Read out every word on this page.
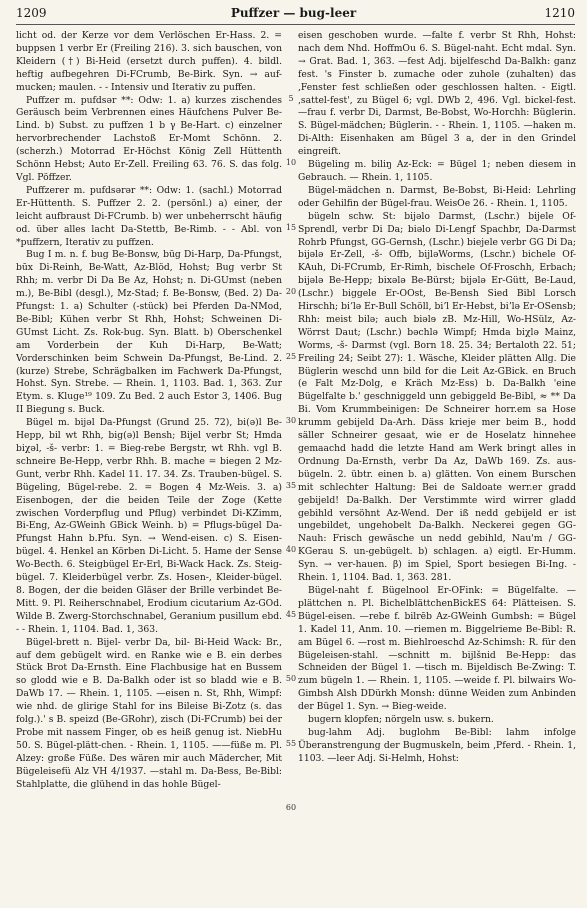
1209	Puffzer — bug-leer	1210

licht od. der Kerze vor dem Verlöschen Er-Hass. 2. = buppsen 1 verbr Er (Freiling 216). 3. sich bauschen, von Kleidern (†) Bi-Heid (ersetzt durch puffen). 4. bildl. heftig aufbegehren Di-FCrumb, Be-Birk. Syn. → auf-mucken; maulen. - - Intensiv und Iterativ zu puffen.

Puffzer m. pufdsər **: Odw: 1. a) kurzes zischendes Geräusch beim Verbrennen eines Häufchens Pulver Be-Lind. b) Subst. zu puffzen 1 b γ Be-Hart. c) einzelner hervorbrechender Lachstoß Er-Momt Schönn. 2. (scherzh.) Motorrad Er-Höchst König Zell Hüttenth Schönn Hebst; Auto Er-Zell. Freiling 63. 76. S. das folg. Vgl. Pöffzer.

Puffzerer m. pufdsərər **: Odw: 1. (sachl.) Motorrad Er-Hüttenth. S. Puffzer 2. 2. (persönl.) a) einer, der leicht aufbraust Di-FCrumb. b) wer unbeherrscht häufig od. über alles lacht Da-Stettb, Be-Rimb. - - Abl. von *puffzern, Iterativ zu puffzen.

Bug I m. n. f. bug Be-Bonsw, būg Di-Harp, Da-Pfungst, būx Di-Reinh, Be-Watt, Az-Blöd, Hohst; Bug verbr St Rhh; m. verbr Di Da Be Az, Hohst; n. Di-GUmst (neben m.), Be-Bibl (desgl.), Mz-Stad; f. Be-Bonsw, (Bed. 2) Da-Pfungst: 1. a) Schulter (-stück) bei Pferden Da-NMod, Be-Bibl; Kühen verbr St Rhh, Hohst; Schweinen Di-GUmst Licht. Zs. Rok-bug. Syn. Blatt. b) Oberschenkel am Vorderbein der Kuh Di-Harp, Be-Watt; Vorderschinken beim Schwein Da-Pfungst, Be-Lind. 2. (kurze) Strebe, Schrägbalken im Fachwerk Da-Pfungst, Hohst. Syn. Strebe. — Rhein. 1, 1103. Bad. 1, 363. Zur Etym. s. Kluge¹⁹ 109. Zu Bed. 2 auch Estor 3, 1406. Bug II Biegung s. Buck.

Bügel m. bijəl Da-Pfungst (Grund 25. 72), bi(ə)l Be-Hepp, bil wt Rhh, big(ə)l Bensh; Bijel verbr St; Hmda biχəl, -š- verbr: 1. = Bieg-rebe Bergstr, wt Rhh. vgl B. schneire Be-Hepp, verbr Rhh. B. mache = biegen 2 Mz-Gunt, verbr Rhh. Kadel 11. 17. 34. Zs. Trauben-bügel. S. Bügeling, Bügel-rebe. 2. = Bogen 4 Mz-Weis. 3. a) Eisenbogen, der die beiden Teile der Zoge (Kette zwischen Vorderpflug und Pflug) verbindet Di-KZimm, Bi-Eng, Az-GWeinh GBick Weinh. b) = Pflugs-bügel Da-Pfungst Hahn b.Pfu. Syn. → Wend-eisen. c) S. Eisen-bügel. 4. Henkel an Körben Di-Licht. 5. Hame der Sense Wo-Becth. 6. Steigbügel Er-Erl, Bi-Wack Hack. Zs. Steig-bügel. 7. Kleiderbügel verbr. Zs. Hosen-, Kleider-bügel. 8. Bogen, der die beiden Gläser der Brille verbindet Be-Mitt. 9. Pl. Reiherschnabel, Erodium cicutarium Az-GOd. Wilde B. Zwerg-Storchschnabel, Geranium pusillum ebd. - - Rhein. 1, 1104. Bad. 1, 363.

Bügel-brett n. Bijel- verbr Da, bil- Bi-Heid Wack: Br., auf dem gebügelt wird. en Ranke wie e B. ein derbes Stück Brot Da-Ernsth. Eine Flachbusige hat en Bussem so glodd wie e B. Da-Balkh oder ist so bladd wie e B. DaWb 17. — Rhein. 1, 1105. —eisen n. St, Rhh, Wimpf: wie nhd. de glirige Stahl for ins Bileise Bi-Zotz (s. das folg.).' s B. speizd (Be-GRohr), zisch (Di-FCrumb) bei der Probe mit nassem Finger, ob es heiß genug ist. NiebHu 50. S. Bügel-plätt-chen. - Rhein. 1, 1105. ——füße m. Pl. Alzey: große Füße. Des wären mir auch Mädercher, Mit Bügeleisefü Alz VH 4/1937. —stahl m. Da-Bess, Be-Bibl: Stahlplatte, die glühend in das hohle Bügel-

5
10
15
20
25
30
35
40
45
50
55
60

eisen geschoben wurde. —falte f. verbr St Rhh, Hohst: nach dem Nhd. HoffmOu 6. S. Bügel-naht. Echt mdal. Syn. → Grat. Bad. 1, 363. —fest Adj. bijelfeschd Da-Balkh: ganz fest. 's Finster b. zumache oder zuhole (zuhalten) das ‚Fenster fest schließen oder geschlossen halten. - Eigtl. ‚sattel-fest', zu Bügel 6; vgl. DWb 2, 496. Vgl. bickel-fest. —frau f. verbr Di, Darmst, Be-Bobst, Wo-Horchh: Büglerin. S. Bügel-mädchen; Büglerin. - - Rhein. 1, 1105. —haken m. Di-Alth: Eisenhaken am Bügel 3 a, der in den Grindel eingreift.

Bügeling m. biliŋ Az-Eck: = Bügel 1; neben diesem in Gebrauch. — Rhein. 1, 1105.

Bügel-mädchen n. Darmst, Be-Bobst, Bi-Heid: Lehrling oder Gehilfin der Bügel-frau. WeisOe 26. - Rhein. 1, 1105.

bügeln schw. St: bijəlo Darmst, (Lschr.) bijele Of-Sprendl, verbr Di Da; biəlo Di-Lengf Spachbr, Da-Darmst Rohrb Pfungst, GG-Gernsh, (Lschr.) biejele verbr GG Di Da; bijələ Er-Zell, -š- Offb, bijləWorms, (Lschr.) bichele Of-KAuh, Di-FCrumb, Er-Rimh, bischele Of-Froschh, Erbach; bijələ Be-Hepp; bixələ Be-Bürst; bijələ Er-Gütt, Be-Laud, (Lschr.) biggele Er-OOst, Be-Bensh Sied Bibl Lorsch Hirschh; biʼlə Er-Bull Schöll, biʼl Er-Hebst, biʼlə Er-OSensb; Rhh: meist bilə; auch biəlɘ zB. Mz-Hill, Wo-HSülz, Az-Wörrst Daut; (Lschr.) bəchlə Wimpf; Hmda biχlə Mainz, Worms, -š- Darmst (vgl. Born 18. 25. 34; Bertaloth 22. 51; Freiling 24; Seibt 27): 1. Wäsche, Kleider plätten Allg. Die Büglerin weschd unn bild for die Leit Az-GBick. en Bruch (e Falt Mz-Dolg, e Kräch Mz-Ess) b. Da-Balkh 'eine Bügelfalte b.' geschniggeld unn gebiggeld Be-Bibl, ≈ ** Da Bi. Vom Krummbeinigen: De Schneirer horr.em sa Hose krumm gebijeld Da-Arh. Däss krieje mer beim B., hodd säller Schneirer gesaat, wie er de Hoselatz hinnehee gemaachd hadd die letzte Hand am Werk bringt alles in Ordnung Da-Ernsth, verbr Da Az, DaWb 169. Zs. aus-bügeln. 2. übtr. einen b. a) glätten. Von einem Burschen mit schlechter Haltung: Bei de Saldoate werr.er gradd gebijeld! Da-Balkh. Der Verstimmte wird wirrer gladd gebihld versöhnt Az-Wend. Der iß nedd gebijeld er ist ungebildet, ungehobelt Da-Balkh. Neckerei gegen GG-Nauh: Frisch gewäsche un nedd gebihld, Nau'm / GG-KGerau S. un-gebügelt. b) schlagen. a) eigtl. Er-Humm. Syn. → ver-hauen. β) im Spiel, Sport besiegen Bi-Ing. - Rhein. 1, 1104. Bad. 1, 363. 281.

Bügel-naht f. Bügelnool Er-OFink: = Bügelfalte. —plättchen n. Pl. BichelblättchenBickES 64: Plätteisen. S. Bügel-eisen. —rebe f. bilrēb Az-GWeinh Gumbsh: = Bügel 1. Kadel 11, Anm. 10. —riemen m. Biggelrieme Be-Bibl: R. am Bügel 6. —rost m. Biehlroeschd Az-Schimsh: R. für den Bügeleisen-stahl. —schnitt m. bijlšnid Be-Hepp: das Schneiden der Bügel 1. —tisch m. Bijeldisch Be-Zwing: T. zum bügeln 1. — Rhein. 1, 1105. —weide f. Pl. bilwairs Wo-Gimbsh Alsh DDürkh Monsh: dünne Weiden zum Anbinden der Bügel 1. Syn. → Bieg-weide.

bugern klopfen; nörgeln usw. s. bukern.

bug-lahm Adj. buglohm Be-Bibl: lahm infolge Überanstrengung der Bugmuskeln, beim ‚Pferd. - Rhein. 1, 1103. —leer Adj. Si-Helmh, Hohst:
